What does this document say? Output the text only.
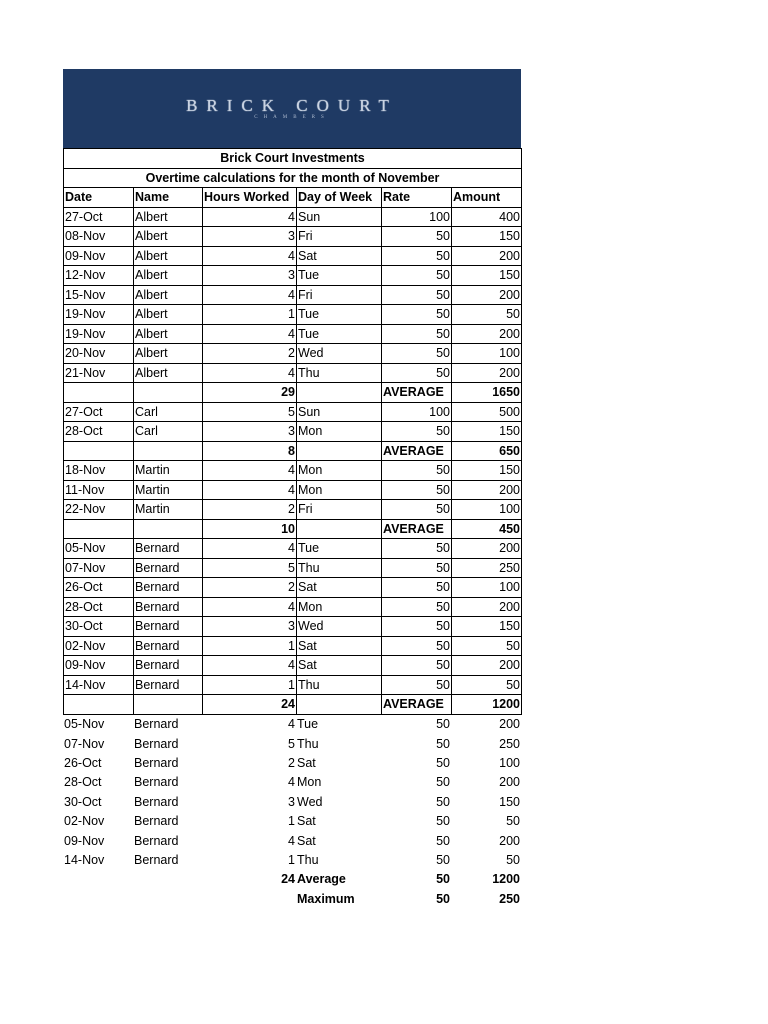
BRICK COURT
CHAMBERS
Brick Court Investments					
Overtime calculations for the month of November					
Date	Name	Hours Worked	Day of Week	Rate	Amount
27-Oct	Albert	4	Sun	100	400
08-Nov	Albert	3	Fri	50	150
09-Nov	Albert	4	Sat	50	200
12-Nov	Albert	3	Tue	50	150
15-Nov	Albert	4	Fri	50	200
19-Nov	Albert	1	Tue	50	50
19-Nov	Albert	4	Tue	50	200
20-Nov	Albert	2	Wed	50	100
21-Nov	Albert	4	Thu	50	200
		29		AVERAGE	1650
27-Oct	Carl	5	Sun	100	500
28-Oct	Carl	3	Mon	50	150
		8		AVERAGE	650
18-Nov	Martin	4	Mon	50	150
11-Nov	Martin	4	Mon	50	200
22-Nov	Martin	2	Fri	50	100
		10		AVERAGE	450
05-Nov	Bernard	4	Tue	50	200
07-Nov	Bernard	5	Thu	50	250
26-Oct	Bernard	2	Sat	50	100
28-Oct	Bernard	4	Mon	50	200
30-Oct	Bernard	3	Wed	50	150
02-Nov	Bernard	1	Sat	50	50
09-Nov	Bernard	4	Sat	50	200
14-Nov	Bernard	1	Thu	50	50
		24		AVERAGE	1200
05-Nov	Bernard	4	Tue	50	200
07-Nov	Bernard	5	Thu	50	250
26-Oct	Bernard	2	Sat	50	100
28-Oct	Bernard	4	Mon	50	200
30-Oct	Bernard	3	Wed	50	150
02-Nov	Bernard	1	Sat	50	50
09-Nov	Bernard	4	Sat	50	200
14-Nov	Bernard	1	Thu	50	50
		24	Average	50	1200
			Maximum	50	250
